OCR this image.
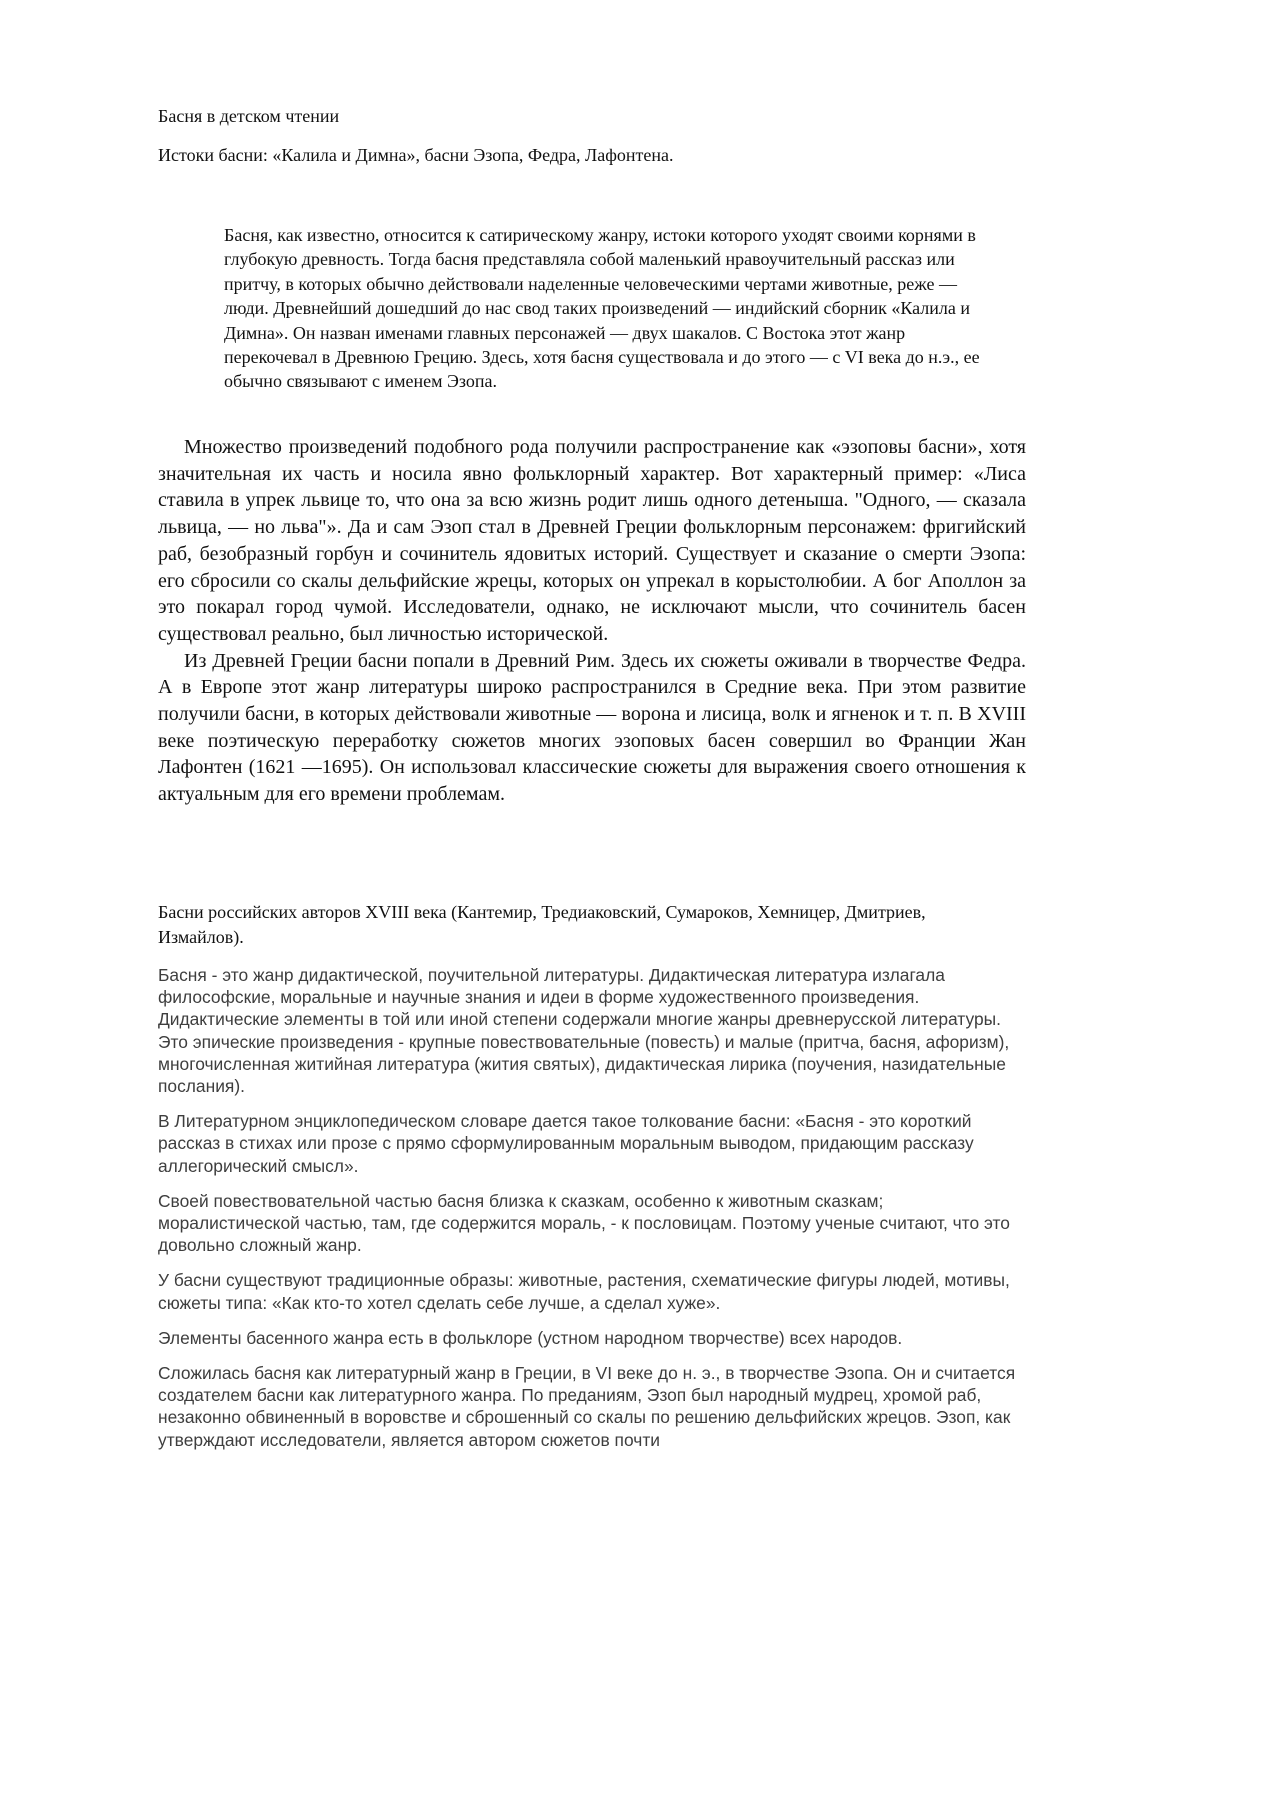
Басня в детском чтении
Истоки басни: «Калила и Димна», басни Эзопа, Федра, Лафонтена.
Басня, как известно, относится к сатирическому жанру, истоки которого уходят своими корнями в глубокую древность. Тогда басня представляла собой маленький нравоучительный рассказ или притчу, в которых обычно действовали наделенные человеческими чертами животные, реже — люди. Древнейший дошедший до нас свод таких произведений — индийский сборник «Калила и Димна». Он назван именами главных персонажей — двух шакалов. С Востока этот жанр перекочевал в Древнюю Грецию. Здесь, хотя басня существовала и до этого — с VI века до н.э., ее обычно связывают с именем Эзопа.

Множество произведений подобного рода получили распространение как «эзоповы басни», хотя значительная их часть и носила явно фольклорный характер. Вот характерный пример: «Лиса ставила в упрек львице то, что она за всю жизнь родит лишь одного детеныша. "Одного, — сказала львица, — но льва"». Да и сам Эзоп стал в Древней Греции фольклорным персонажем: фригийский раб, безобразный горбун и сочинитель ядовитых историй. Существует и сказание о смерти Эзопа: его сбросили со скалы дельфийские жрецы, которых он упрекал в корыстолюбии. А бог Аполлон за это покарал город чумой. Исследователи, однако, не исключают мысли, что сочинитель басен существовал реально, был личностью исторической.

Из Древней Греции басни попали в Древний Рим. Здесь их сюжеты оживали в творчестве Федра. А в Европе этот жанр литературы широко распространился в Средние века. При этом развитие получили басни, в которых действовали животные — ворона и лисица, волк и ягненок и т. п. В XVIII веке поэтическую переработку сюжетов многих эзоповых басен совершил во Франции Жан Лафонтен (1621 —1695). Он использовал классические сюжеты для выражения своего отношения к актуальным для его времени проблемам.

Басни российских авторов XVIII века (Кантемир, Тредиаковский, Сумароков, Хемницер, Дмитриев, Измайлов).

Басня - это жанр дидактической, поучительной литературы. Дидактическая литература излагала философские, моральные и научные знания и идеи в форме художественного произведения. Дидактические элементы в той или иной степени содержали многие жанры древнерусской литературы. Это эпические произведения - крупные повествовательные (повесть) и малые (притча, басня, афоризм), многочисленная житийная литература (жития святых), дидактическая лирика (поучения, назидательные послания).

В Литературном энциклопедическом словаре дается такое толкование басни: «Басня - это короткий рассказ в стихах или прозе с прямо сформулированным моральным выводом, придающим рассказу аллегорический смысл».

Своей повествовательной частью басня близка к сказкам, особенно к животным сказкам; моралистической частью, там, где содержится мораль, - к пословицам. Поэтому ученые считают, что это довольно сложный жанр.

У басни существуют традиционные образы: животные, растения, схематические фигуры людей, мотивы, сюжеты типа: «Как кто-то хотел сделать себе лучше, а сделал хуже».

Элементы басенного жанра есть в фольклоре (устном народном творчестве) всех народов.

Сложилась басня как литературный жанр в Греции, в VI веке до н. э., в творчестве Эзопа. Он и считается создателем басни как литературного жанра. По преданиям, Эзоп был народный мудрец, хромой раб, незаконно обвиненный в воровстве и сброшенный со скалы по решению дельфийских жрецов. Эзоп, как утверждают исследователи, является автором сюжетов почти
